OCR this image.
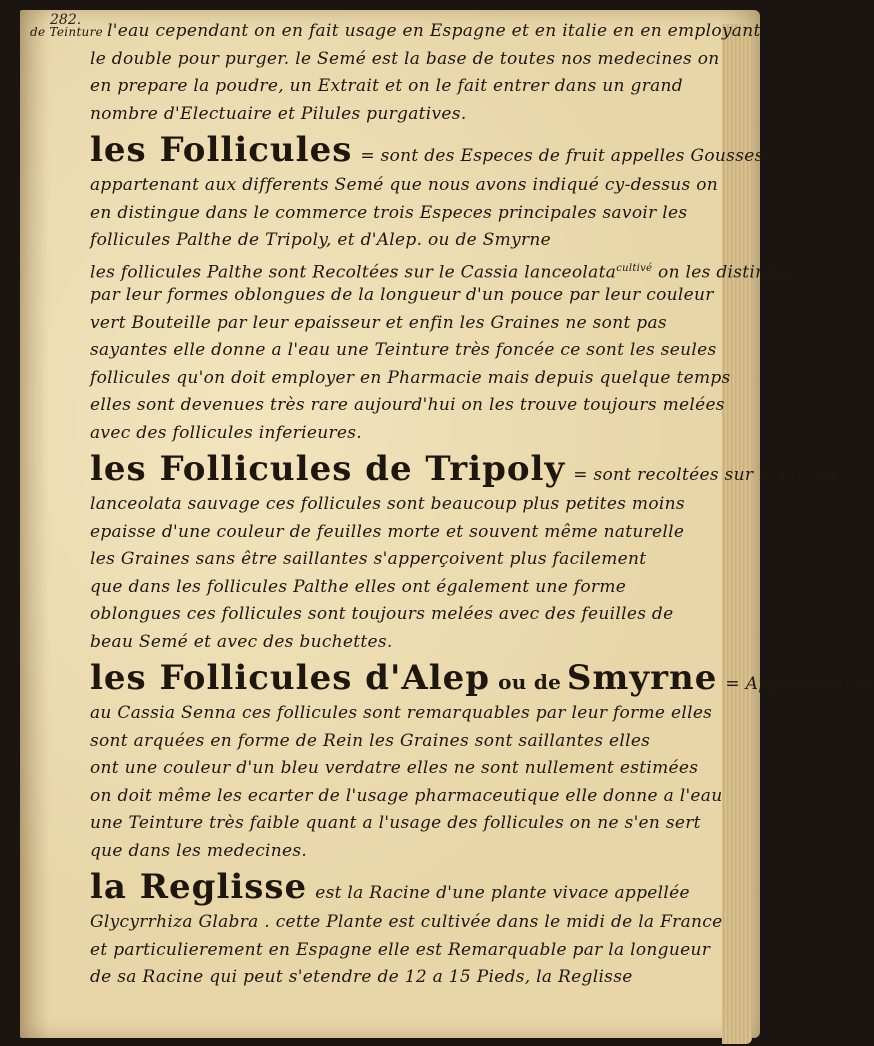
282.
de Teinture l'eau cependant on en fait usage en Espagne et en italie en en employant
le double pour purger. le Semé est la base de toutes nos medecines on
en prepare la poudre, un Extrait et on le fait entrer dans un grand
nombre d'Electuaire et Pilules purgatives.
les Follicules = sont des Especes de fruit appelles Gousses
appartenant aux differents Semé que nous avons indiqué cy-dessus on
en distingue dans le commerce trois Especes principales savoir les
follicules Palthe de Tripoly, et d'Alep. ou de Smyrne
les follicules Palthe sont Recoltées sur le Cassia lanceolata$^{cultivé}$ on les distingue
par leur formes oblongues de la longueur d'un pouce par leur couleur
vert Bouteille par leur epaisseur et enfin les Graines ne sont pas
sayantes elle donne a l'eau une Teinture très foncée ce sont les seules
follicules qu'on doit employer en Pharmacie mais depuis quelque temps
elles sont devenues très rare aujourd'hui on les trouve toujours melées
avec des follicules inferieures.
les Follicules de Tripoly = sont recoltées sur le cassia
lanceolata sauvage ces follicules sont beaucoup plus petites moins
epaisse d'une couleur de feuilles morte et souvent même naturelle
les Graines sans être saillantes s'apperçoivent plus facilement
que dans les follicules Palthe elles ont également une forme
oblongues ces follicules sont toujours melées avec des feuilles de
beau Semé et avec des buchettes.
les Follicules d'Alep ou de Smyrne = Appartiennent
au Cassia Senna ces follicules sont remarquables par leur forme elles
sont arquées en forme de Rein les Graines sont saillantes elles
ont une couleur d'un bleu verdatre elles ne sont nullement estimées
on doit même les ecarter de l'usage pharmaceutique elle donne a l'eau
une Teinture très faible quant a l'usage des follicules on ne s'en sert
que dans les medecines.
la Reglisse est la Racine d'une plante vivace appellée
Glycyrrhiza Glabra . cette Plante est cultivée dans le midi de la France
et particulierement en Espagne elle est Remarquable par la longueur
de sa Racine qui peut s'etendre de 12 a 15 Pieds, la Reglisse
